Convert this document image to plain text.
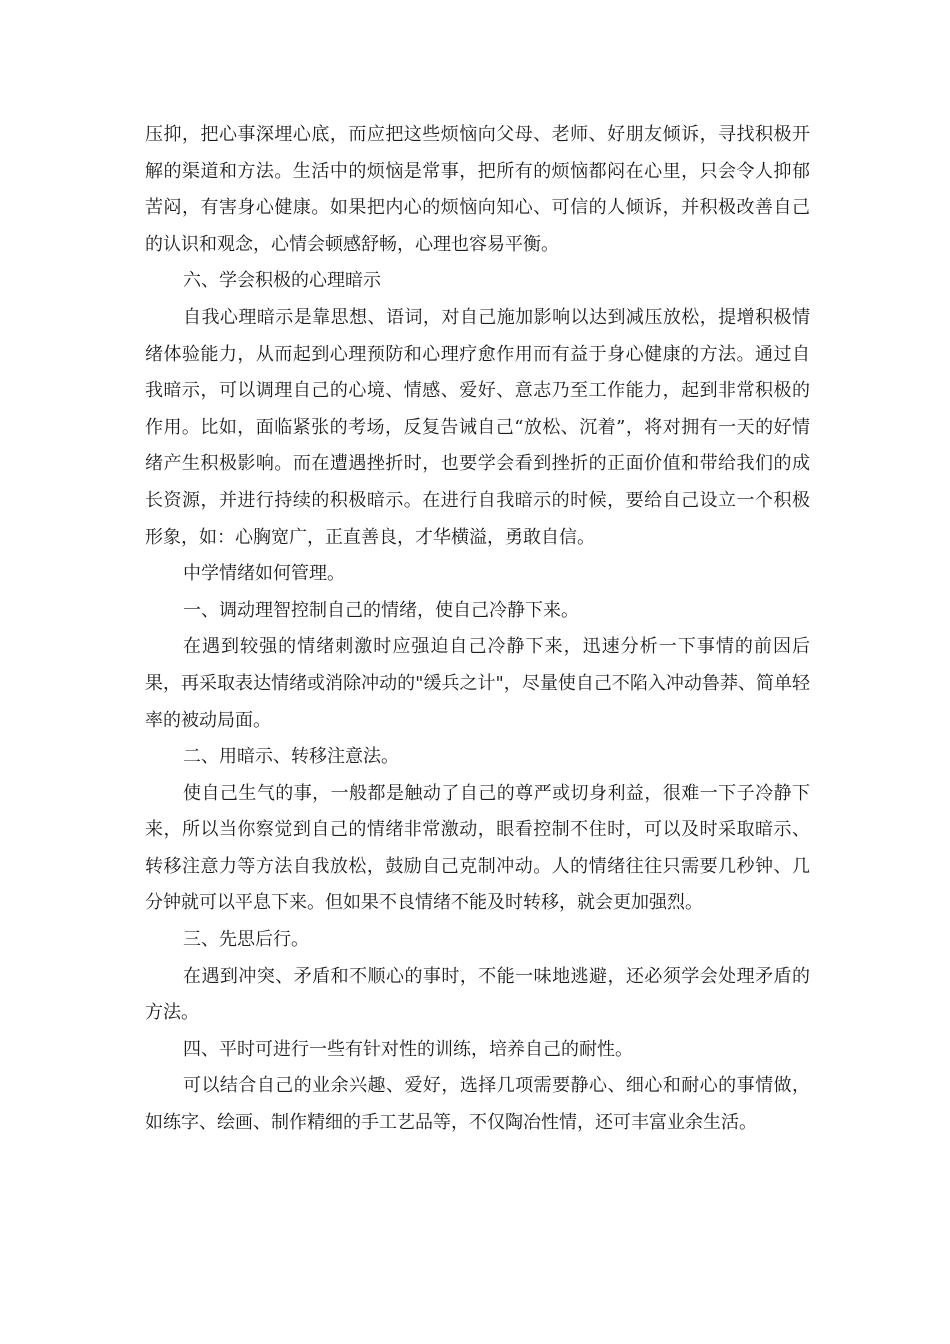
压抑，把心事深埋心底，而应把这些烦恼向父母、老师、好朋友倾诉，寻找积极开解的渠道和方法。生活中的烦恼是常事，把所有的烦恼都闷在心里，只会令人抑郁苦闷，有害身心健康。如果把内心的烦恼向知心、可信的人倾诉，并积极改善自己的认识和观念，心情会顿感舒畅，心理也容易平衡。

六、学会积极的心理暗示

自我心理暗示是靠思想、语词，对自己施加影响以达到减压放松，提增积极情绪体验能力，从而起到心理预防和心理疗愈作用而有益于身心健康的方法。通过自我暗示，可以调理自己的心境、情感、爱好、意志乃至工作能力，起到非常积极的作用。比如，面临紧张的考场，反复告诫自己“放松、沉着”，将对拥有一天的好情绪产生积极影响。而在遭遇挫折时，也要学会看到挫折的正面价值和带给我们的成长资源，并进行持续的积极暗示。在进行自我暗示的时候，要给自己设立一个积极形象，如：心胸宽广，正直善良，才华横溢，勇敢自信。

中学情绪如何管理。

一、调动理智控制自己的情绪，使自己冷静下来。

在遇到较强的情绪刺激时应强迫自己冷静下来，迅速分析一下事情的前因后果，再采取表达情绪或消除冲动的"缓兵之计"，尽量使自己不陷入冲动鲁莽、简单轻率的被动局面。

二、用暗示、转移注意法。

使自己生气的事，一般都是触动了自己的尊严或切身利益，很难一下子冷静下来，所以当你察觉到自己的情绪非常激动，眼看控制不住时，可以及时采取暗示、转移注意力等方法自我放松，鼓励自己克制冲动。人的情绪往往只需要几秒钟、几分钟就可以平息下来。但如果不良情绪不能及时转移，就会更加强烈。

三、先思后行。

在遇到冲突、矛盾和不顺心的事时，不能一味地逃避，还必须学会处理矛盾的方法。

四、平时可进行一些有针对性的训练，培养自己的耐性。

可以结合自己的业余兴趣、爱好，选择几项需要静心、细心和耐心的事情做，如练字、绘画、制作精细的手工艺品等，不仅陶冶性情，还可丰富业余生活。
